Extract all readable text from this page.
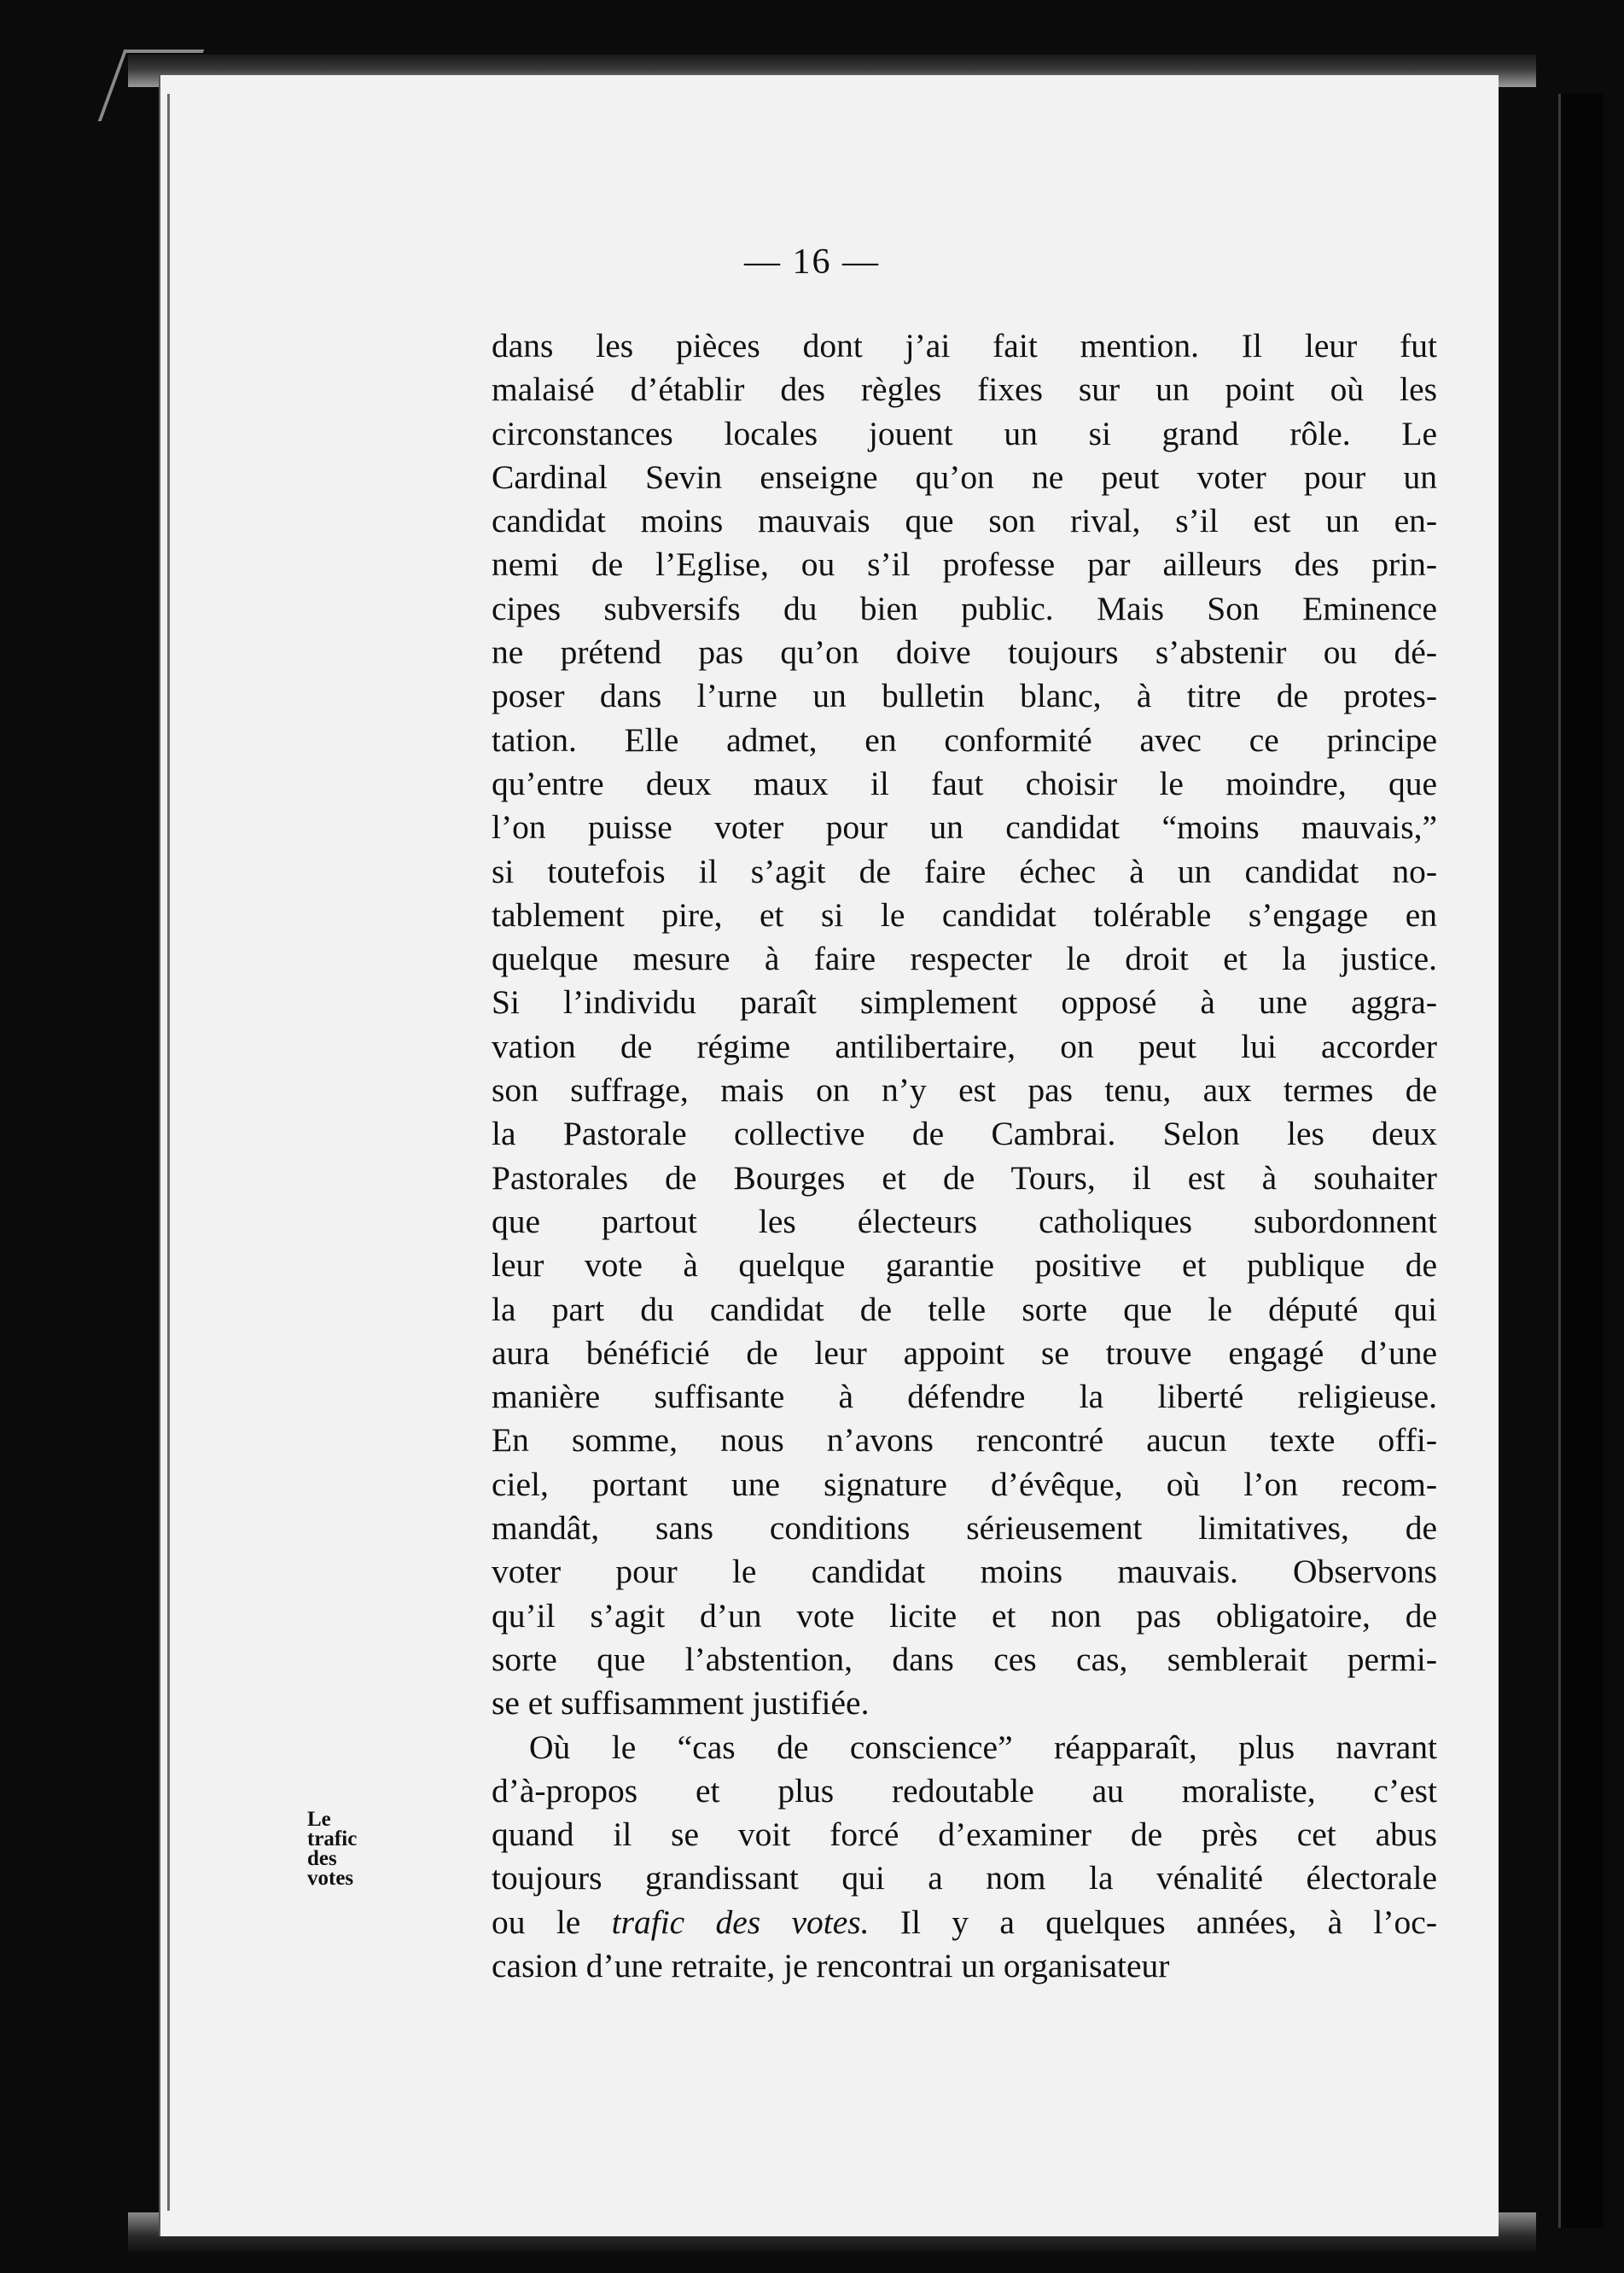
— 16 —
dans les pièces dont j’ai fait mention. Il leur fut
malaisé d’établir des règles fixes sur un point où les
circonstances locales jouent un si grand rôle. Le
Cardinal Sevin enseigne qu’on ne peut voter pour un
candidat moins mauvais que son rival, s’il est un en-
nemi de l’Eglise, ou s’il professe par ailleurs des prin-
cipes subversifs du bien public. Mais Son Eminence
ne prétend pas qu’on doive toujours s’abstenir ou dé-
poser dans l’urne un bulletin blanc, à titre de protes-
tation. Elle admet, en conformité avec ce principe
qu’entre deux maux il faut choisir le moindre, que
l’on puisse voter pour un candidat “moins mauvais,”
si toutefois il s’agit de faire échec à un candidat no-
tablement pire, et si le candidat tolérable s’engage en
quelque mesure à faire respecter le droit et la justice.
Si l’individu paraît simplement opposé à une aggra-
vation de régime antilibertaire, on peut lui accorder
son suffrage, mais on n’y est pas tenu, aux termes de
la Pastorale collective de Cambrai. Selon les deux
Pastorales de Bourges et de Tours, il est à souhaiter
que partout les électeurs catholiques subordonnent
leur vote à quelque garantie positive et publique de
la part du candidat de telle sorte que le député qui
aura bénéficié de leur appoint se trouve engagé d’une
manière suffisante à défendre la liberté religieuse.
En somme, nous n’avons rencontré aucun texte offi-
ciel, portant une signature d’évêque, où l’on recom-
mandât, sans conditions sérieusement limitatives, de
voter pour le candidat moins mauvais. Observons
qu’il s’agit d’un vote licite et non pas obligatoire, de
sorte que l’abstention, dans ces cas, semblerait permi-
se et suffisamment justifiée.
Où le “cas de conscience” réapparaît, plus navrant
d’à-propos et plus redoutable au moraliste, c’est
quand il se voit forcé d’examiner de près cet abus
toujours grandissant qui a nom la vénalité électorale
ou le trafic des votes. Il y a quelques années, à l’oc-
casion d’une retraite, je rencontrai un organisateur
Le
trafic
des
votes
